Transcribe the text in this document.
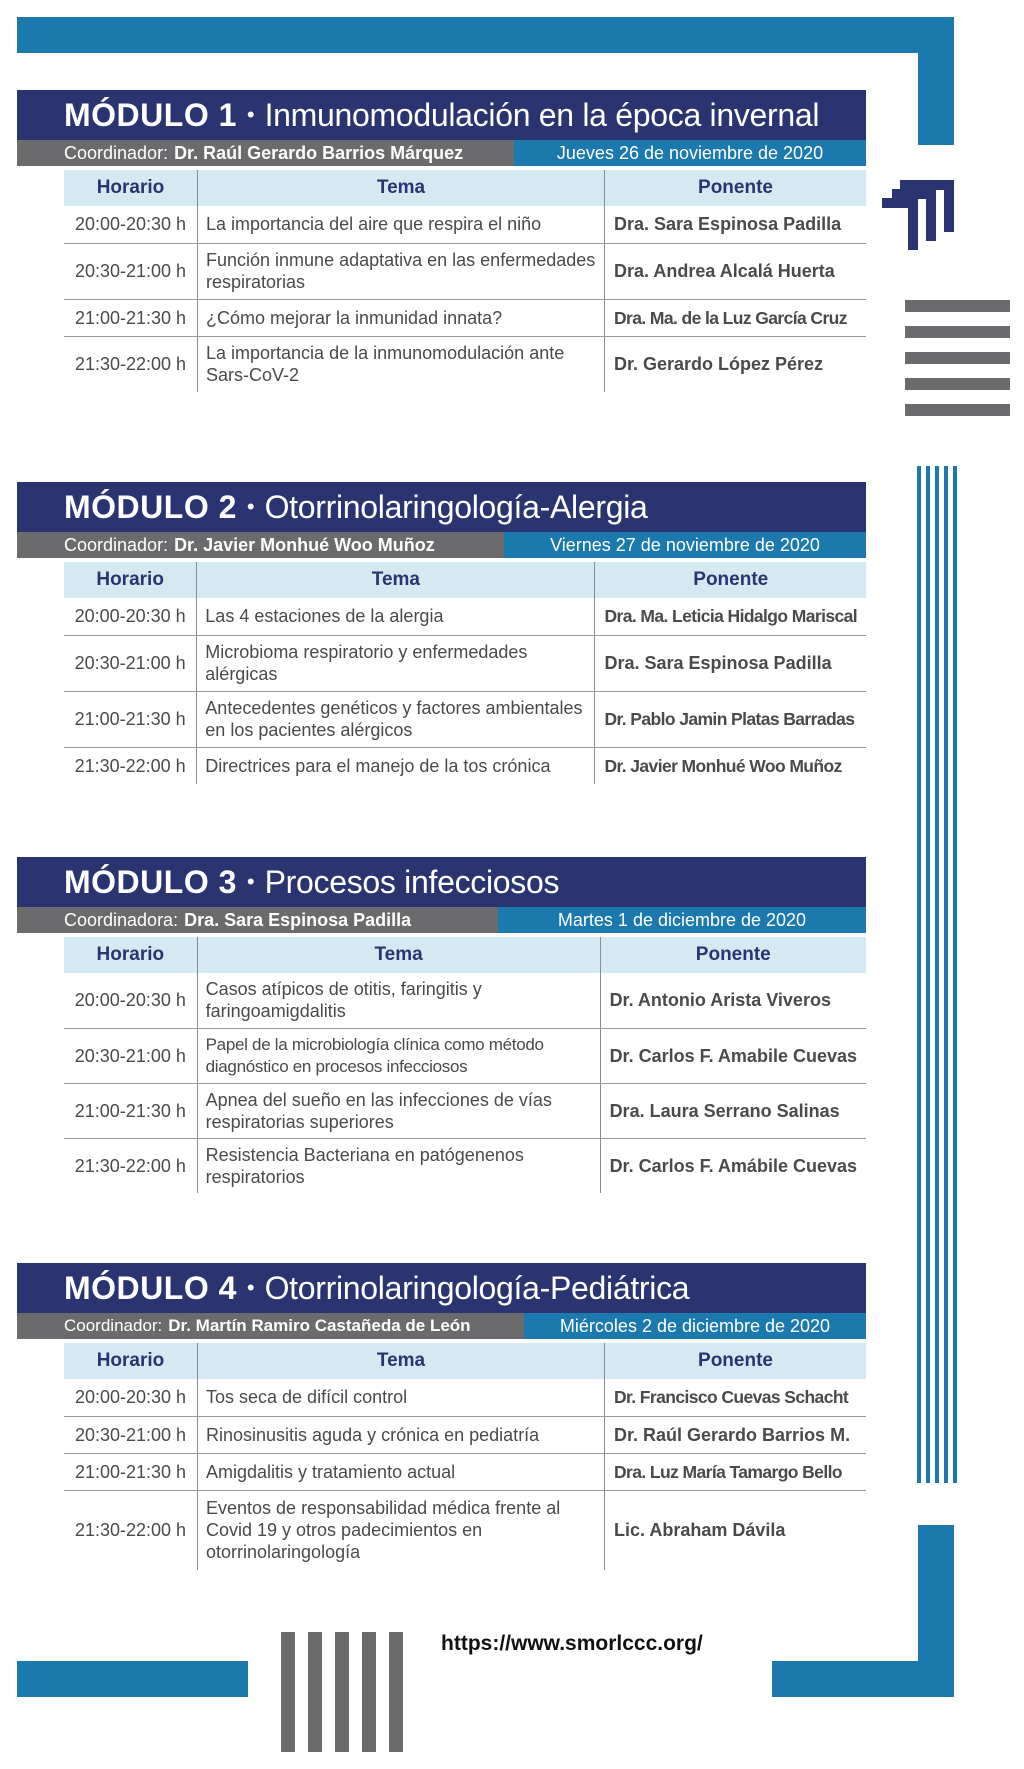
https://www.smorlccc.org/
MÓDULO 1 • Inmunomodulación en la época invernal
Coordinador: Dr. Raúl Gerardo Barrios Márquez	Jueves 26 de noviembre de 2020
Horario	Tema	Ponente
20:00-20:30 h	La importancia del aire que respira el niño	Dra. Sara Espinosa Padilla
20:30-21:00 h	Función inmune adaptativa en las enfermedades respiratorias	Dra. Andrea Alcalá Huerta
21:00-21:30 h	¿Cómo mejorar la inmunidad innata?	Dra. Ma. de la Luz García Cruz
21:30-22:00 h	La importancia de la inmunomodulación ante Sars-CoV-2	Dr. Gerardo López Pérez
MÓDULO 2 • Otorrinolaringología-Alergia
Coordinador: Dr. Javier Monhué Woo Muñoz	Viernes 27 de noviembre de 2020
Horario	Tema	Ponente
20:00-20:30 h	Las 4 estaciones de la alergia	Dra. Ma. Leticia Hidalgo Mariscal
20:30-21:00 h	Microbioma respiratorio y enfermedades alérgicas	Dra. Sara Espinosa Padilla
21:00-21:30 h	Antecedentes genéticos y factores ambientales en los pacientes alérgicos	Dr. Pablo Jamin Platas Barradas
21:30-22:00 h	Directrices para el manejo de la tos crónica	Dr. Javier Monhué Woo Muñoz
MÓDULO 3 • Procesos infecciosos
Coordinadora: Dra. Sara Espinosa Padilla	Martes 1 de diciembre de 2020
Horario	Tema	Ponente
20:00-20:30 h	Casos atípicos de otitis, faringitis y faringoamigdalitis	Dr. Antonio Arista Viveros
20:30-21:00 h	Papel de la microbiología clínica como método diagnóstico en procesos infecciosos	Dr. Carlos F. Amabile Cuevas
21:00-21:30 h	Apnea del sueño en las infecciones de vías respiratorias superiores	Dra. Laura Serrano Salinas
21:30-22:00 h	Resistencia Bacteriana en patógenenos respiratorios	Dr. Carlos F. Amábile Cuevas
MÓDULO 4 • Otorrinolaringología-Pediátrica
Coordinador: Dr. Martín Ramiro Castañeda de León	Miércoles 2 de diciembre de 2020
Horario	Tema	Ponente
20:00-20:30 h	Tos seca de difícil control	Dr. Francisco Cuevas Schacht
20:30-21:00 h	Rinosinusitis aguda y crónica en pediatría	Dr. Raúl Gerardo Barrios M.
21:00-21:30 h	Amigdalitis y tratamiento actual	Dra. Luz María Tamargo Bello
21:30-22:00 h	Eventos de responsabilidad médica frente al Covid 19 y otros padecimientos en otorrinolaringología	Lic. Abraham Dávila
